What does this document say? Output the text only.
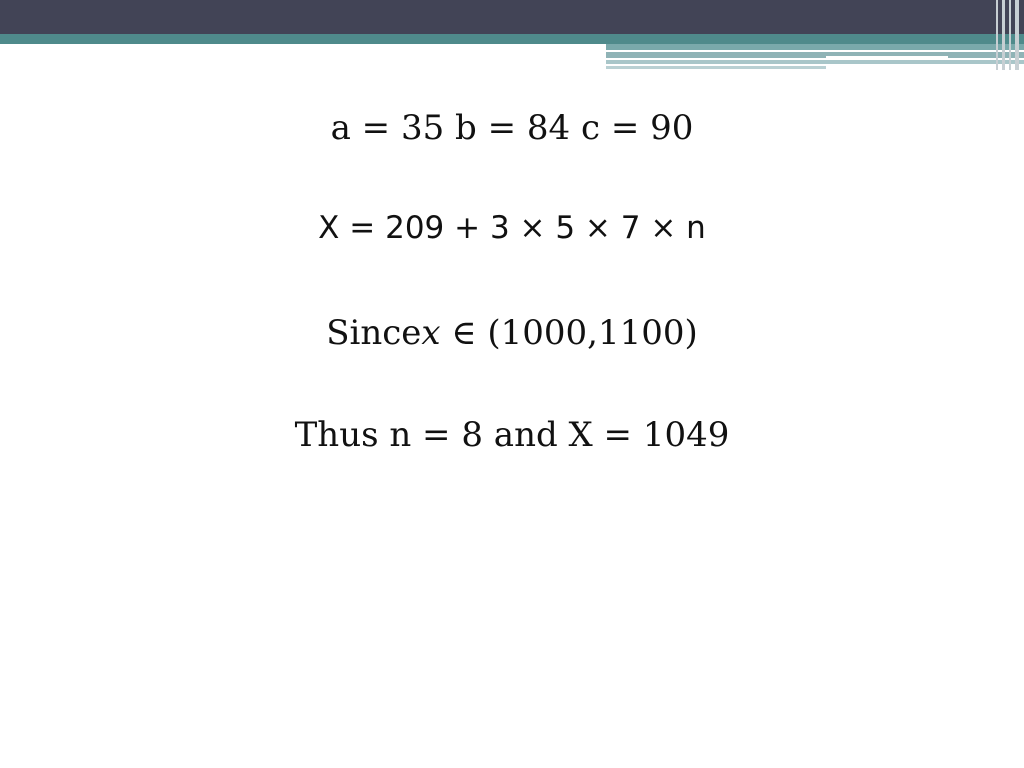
a = 35 b = 84 c = 90
X = 209 + 3 × 5 × 7 × n
Since𝑥 ∈ (1000,1100)
Thus n = 8 and X = 1049
